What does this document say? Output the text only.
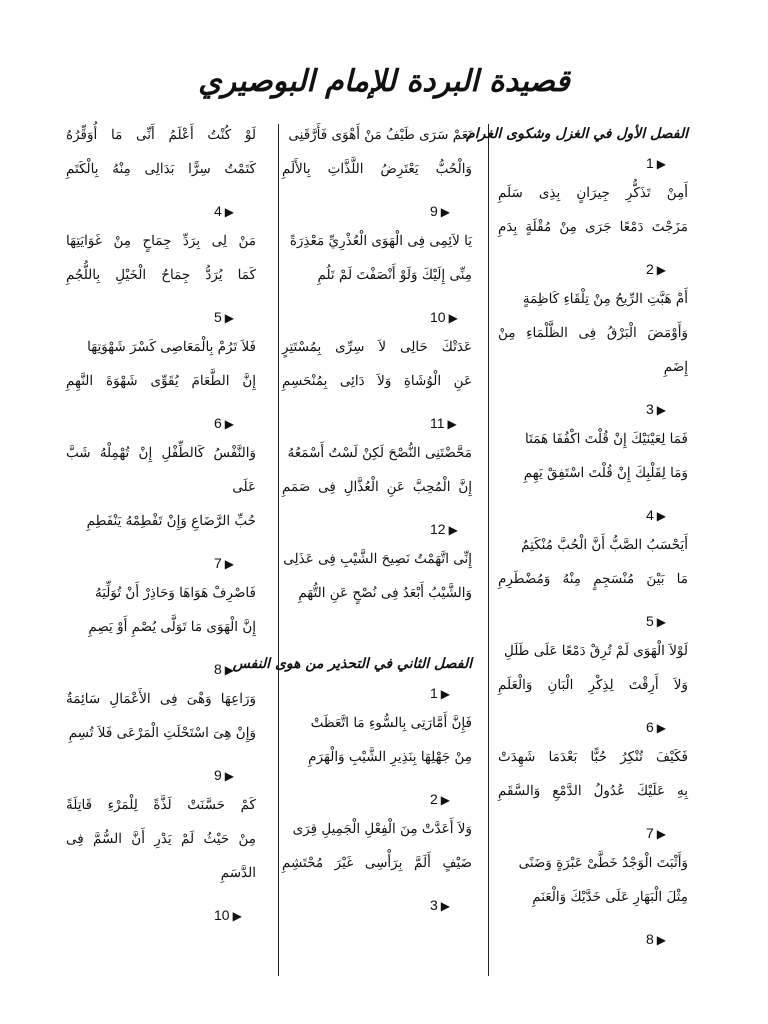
قصيدة البردة للإمام البوصيري
الفصل الأول في الغزل وشكوى الغرام
1 ▶
أَمِنْ تَذَكُّرِ جِيرَانٍ بِذِى سَلَمِ
مَزَجْتَ دَمْعًا جَرَى مِنْ مُقْلَةٍ بِدَمِ
2 ▶
أَمْ هَبَّتِ الرِّيحُ مِنْ تِلْقَاءِ كَاظِمَةٍ
وَأَوْمَضَ الْبَرْقُ فِى الظَّلْمَاءِ مِنْ إِضَمِ
3 ▶
فَمَا لِعَيْنَيْكَ إِنْ قُلْتَ اكْفُفَا هَمَتَا
وَمَا لِقَلْبِكَ إِنْ قُلْتَ اسْتَفِقْ يَهِمِ
4 ▶
أَيَحْسَبُ الصَّبُّ أَنَّ الْحُبَّ مُنْكَتِمٌ
مَا بَيْنَ مُنْسَجِمٍ مِنْهُ وَمُضْطَرِمِ
5 ▶
لَوْلاَ الْهَوَى لَمْ تُرِقْ دَمْعًا عَلَى طَلَلِ
وَلاَ أَرِقْتَ لِذِكْرِ الْبَانِ وَالْعَلَمِ
6 ▶
فَكَيْفَ تُنْكِرُ حُبًّا بَعْدَمَا شَهِدَتْ
بِهِ عَلَيْكَ عُدُولُ الدَّمْعِ وَالسَّقَمِ
7 ▶
وَأَثْبَتَ الْوَجْدُ خَطَّىْ عَبْرَةٍ وَضَنًى
مِثْلَ الْبَهَارِ عَلَى خَدَّيْكَ وَالْعَنَمِ
8 ▶
نَعَمْ سَرَى طَيْفُ مَنْ أَهْوَى فَأَرَّقَنِى
وَالْحُبُّ يَعْتَرِضُ اللَّذَّاتِ بِالأَلَمِ
9 ▶
يَا لاَئِمِى فِى الْهَوَى الْعُذْرِيِّ مَعْذِرَةً
مِنِّى إِلَيْكَ وَلَوْ أَنْصَفْتَ لَمْ تَلُمِ
10 ▶
عَدَتْكَ حَالِى لاَ سِرِّى بِمُسْتَتِرٍ
عَنِ الْوُشَاةِ وَلاَ دَائِى بِمُنْحَسِمِ
11 ▶
مَحَّضْتَنِى النُّصْحَ لَكِنْ لَسْتُ أَسْمَعُهُ
إِنَّ الْمُحِبَّ عَنِ الْعُذَّالِ فِى صَمَمِ
12 ▶
إِنِّى اتَّهَمْتُ نَصِيحَ الشَّيْبِ فِى عَذَلِى
وَالشَّيْبُ أَبْعَدُ فِى نُصْحٍ عَنِ التُّهَمِ
الفصل الثاني في التحذير من هوى النفس
1 ▶
فَإِنَّ أَمَّارَتِى بِالسُّوءِ مَا اتَّعَظَتْ
مِنْ جَهْلِهَا بِنَذِيرِ الشَّيْبِ وَالْهَرَمِ
2 ▶
وَلاَ أَعَدَّتْ مِنَ الْفِعْلِ الْجَمِيلِ قِرَى
ضَيْفٍ أَلَمَّ بِرَأْسِى غَيْرَ مُحْتَشِمِ
3 ▶
لَوْ كُنْتُ أَعْلَمُ أَنِّى مَا أُوَقِّرُهُ
كَتَمْتُ سِرًّا بَدَالِى مِنْهُ بِالْكَتَمِ
4 ▶
مَنْ لِى بِرَدِّ جِمَاحٍ مِنْ غَوَايَتِهَا
كَمَا يُرَدُّ جِمَاحُ الْخَيْلِ بِاللُّجُمِ
5 ▶
فَلاَ تَرُمْ بِالْمَعَاصِى كَسْرَ شَهْوَتِهَا
إِنَّ الطَّعَامَ يُقَوِّى شَهْوَةَ النَّهِمِ
6 ▶
وَالنَّفْسُ كَالطِّفْلِ إِنْ تُهْمِلْهُ شَبَّ عَلَى
حُبِّ الرَّضَاعِ وَإِنْ تَفْطِمْهُ يَنْفَطِمِ
7 ▶
فَاصْرِفْ هَوَاهَا وَحَاذِرْ أَنْ تُوَلِّيَهُ
إِنَّ الْهَوَى مَا تَوَلَّى يُصْمِ أَوْ يَصِمِ
8 ▶
وَرَاعِهَا وَهْىَ فِى الأَعْمَالِ سَائِمَةٌ
وَإِنْ هِىَ اسْتَحْلَتِ الْمَرْعَى فَلاَ تُسِمِ
9 ▶
كَمْ حَسَّنَتْ لَذَّةً لِلْمَرْءِ قَاتِلَةً
مِنْ حَيْثُ لَمْ يَدْرِ أَنَّ السُّمَّ فِى الدَّسَمِ
10 ▶
